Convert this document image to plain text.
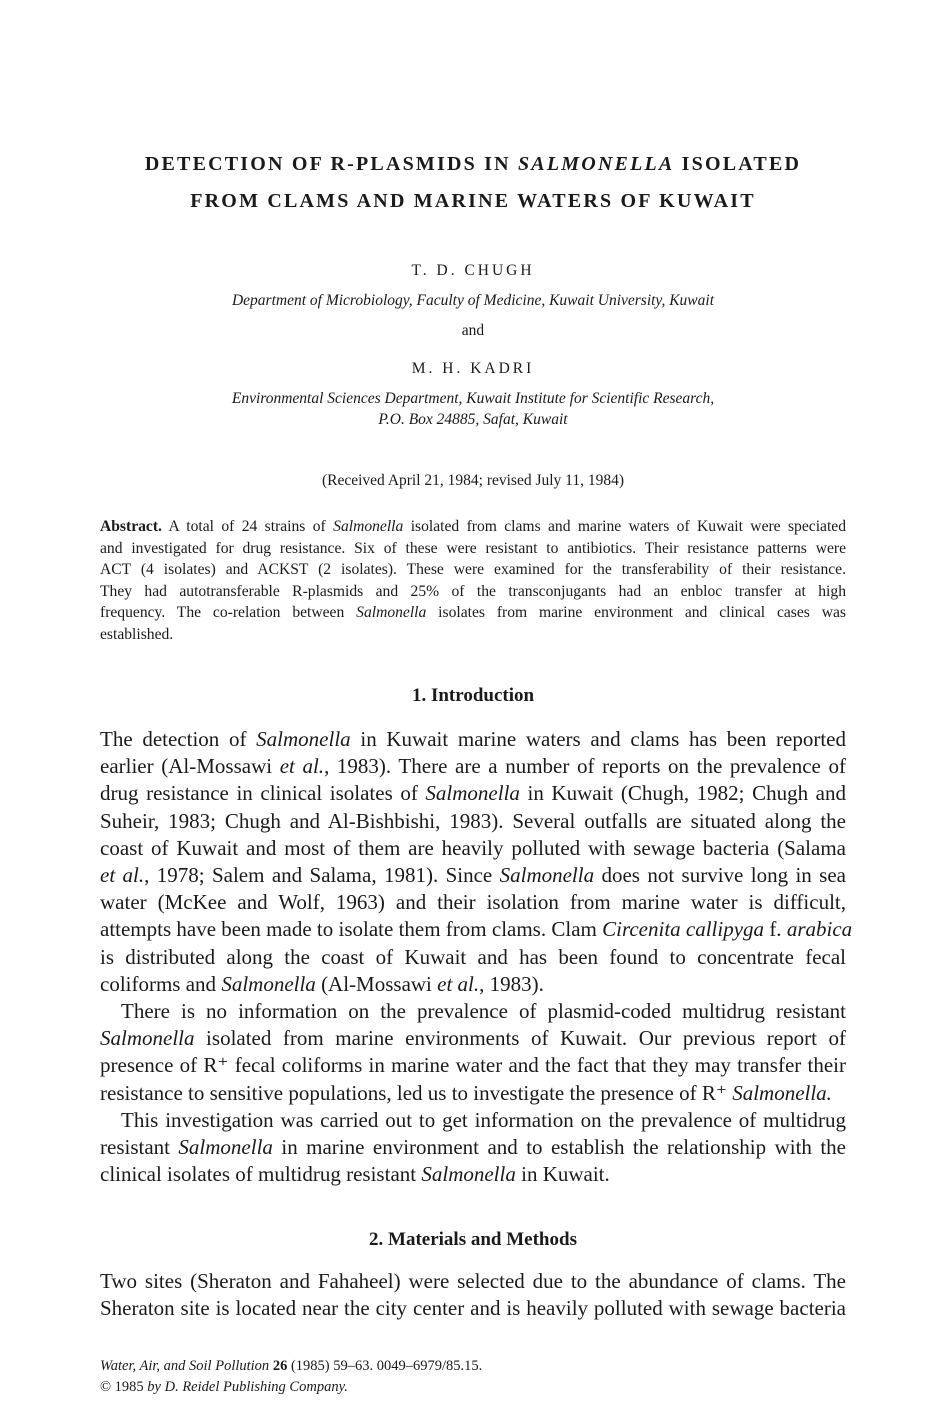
DETECTION OF R-PLASMIDS IN SALMONELLA ISOLATED
FROM CLAMS AND MARINE WATERS OF KUWAIT
T. D. CHUGH
Department of Microbiology, Faculty of Medicine, Kuwait University, Kuwait
and
M. H. KADRI
Environmental Sciences Department, Kuwait Institute for Scientific Research,
P.O. Box 24885, Safat, Kuwait
(Received April 21, 1984; revised July 11, 1984)
Abstract. A total of 24 strains of Salmonella isolated from clams and marine waters of Kuwait were speciated
and investigated for drug resistance. Six of these were resistant to antibiotics. Their resistance patterns were
ACT (4 isolates) and ACKST (2 isolates). These were examined for the transferability of their resistance.
They had autotransferable R-plasmids and 25% of the transconjugants had an enbloc transfer at high
frequency. The co-relation between Salmonella isolates from marine environment and clinical cases was
established.
1. Introduction
The detection of Salmonella in Kuwait marine waters and clams has been reported
earlier (Al-Mossawi et al., 1983). There are a number of reports on the prevalence of
drug resistance in clinical isolates of Salmonella in Kuwait (Chugh, 1982; Chugh and
Suheir, 1983; Chugh and Al-Bishbishi, 1983). Several outfalls are situated along the
coast of Kuwait and most of them are heavily polluted with sewage bacteria (Salama
et al., 1978; Salem and Salama, 1981). Since Salmonella does not survive long in sea
water (McKee and Wolf, 1963) and their isolation from marine water is difficult,
attempts have been made to isolate them from clams. Clam Circenita callipyga f. arabica
is distributed along the coast of Kuwait and has been found to concentrate fecal
coliforms and Salmonella (Al-Mossawi et al., 1983).
There is no information on the prevalence of plasmid-coded multidrug resistant
Salmonella isolated from marine environments of Kuwait. Our previous report of
presence of R⁺ fecal coliforms in marine water and the fact that they may transfer their
resistance to sensitive populations, led us to investigate the presence of R⁺ Salmonella.
This investigation was carried out to get information on the prevalence of multidrug
resistant Salmonella in marine environment and to establish the relationship with the
clinical isolates of multidrug resistant Salmonella in Kuwait.
2. Materials and Methods
Two sites (Sheraton and Fahaheel) were selected due to the abundance of clams. The
Sheraton site is located near the city center and is heavily polluted with sewage bacteria
Water, Air, and Soil Pollution 26 (1985) 59–63. 0049–6979/85.15.
© 1985 by D. Reidel Publishing Company.
